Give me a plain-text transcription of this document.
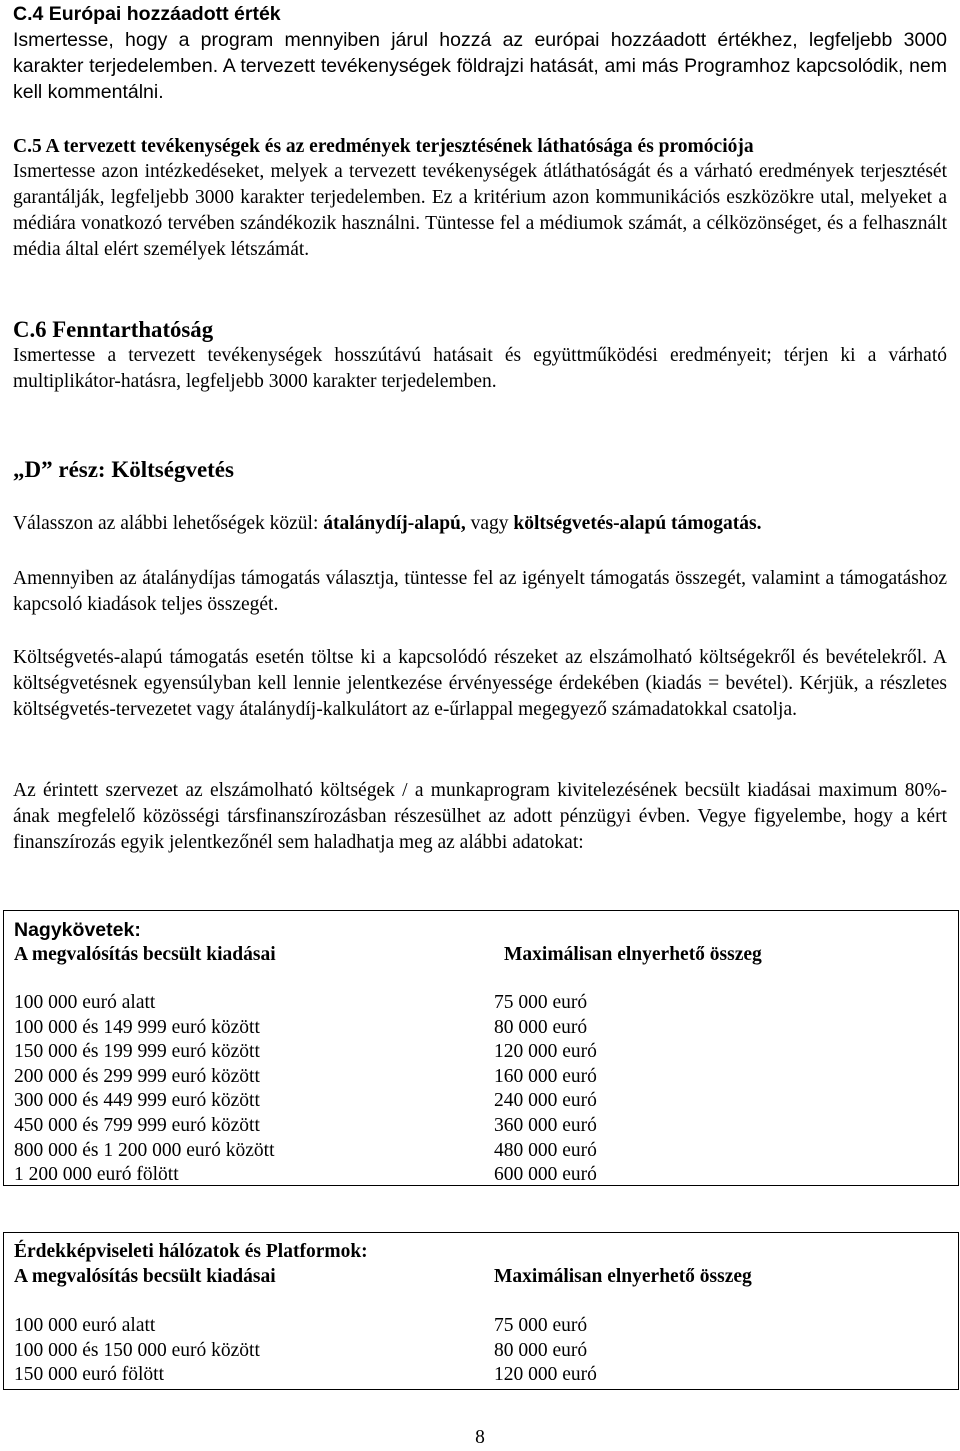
C.4 Európai hozzáadott érték

Ismertesse, hogy a program mennyiben járul hozzá az európai hozzáadott értékhez, legfeljebb 3000 karakter terjedelemben. A tervezett tevékenységek földrajzi hatását, ami más Programhoz kapcsolódik, nem kell kommentálni.

C.5 A tervezett tevékenységek és az eredmények terjesztésének láthatósága és promóciója

Ismertesse azon intézkedéseket, melyek a tervezett tevékenységek átláthatóságát és a várható eredmények terjesztését garantálják, legfeljebb 3000 karakter terjedelemben. Ez a kritérium azon kommunikációs eszközökre utal, melyeket a médiára vonatkozó tervében szándékozik használni. Tüntesse fel a médiumok számát, a célközönséget, és a felhasznált média által elért személyek létszámát.

C.6 Fenntarthatóság

Ismertesse a tervezett tevékenységek hosszútávú hatásait és együttműködési eredményeit; térjen ki a várható multiplikátor-hatásra, legfeljebb 3000 karakter terjedelemben.

„D” rész: Költségvetés

Válasszon az alábbi lehetőségek közül: átalánydíj-alapú, vagy költségvetés-alapú támogatás.

Amennyiben az átalánydíjas támogatás választja, tüntesse fel az igényelt támogatás összegét, valamint a támogatáshoz kapcsoló kiadások teljes összegét.

Költségvetés-alapú támogatás esetén töltse ki a kapcsolódó részeket az elszámolható költségekről és bevételekről. A költségvetésnek egyensúlyban kell lennie jelentkezése érvényessége érdekében (kiadás = bevétel). Kérjük, a részletes költségvetés-tervezetet vagy átalánydíj-kalkulátort az e-űrlappal megegyező számadatokkal csatolja.

Az érintett szervezet az elszámolható költségek / a munkaprogram kivitelezésének becsült kiadásai maximum 80%-ának megfelelő közösségi társfinanszírozásban részesülhet az adott pénzügyi évben. Vegye figyelembe, hogy a kért finanszírozás egyik jelentkezőnél sem haladhatja meg az alábbi adatokat:

Nagykövetek:
A megvalósítás becsült kiadásai	Maximálisan elnyerhető összeg
100 000 euró alatt	75 000 euró
100 000 és 149 999 euró között	80 000 euró
150 000 és 199 999 euró között	120 000 euró
200 000 és 299 999 euró között	160 000 euró
300 000 és 449 999 euró között	240 000 euró
450 000 és 799 999 euró között	360 000 euró
800 000 és 1 200 000 euró között	480 000 euró
1 200 000 euró fölött	600 000 euró
Érdekképviseleti hálózatok és Platformok:
A megvalósítás becsült kiadásai	Maximálisan elnyerhető összeg
100 000 euró alatt	75 000 euró
100 000 és 150 000 euró között	80 000 euró
150 000 euró fölött	120 000 euró
8
